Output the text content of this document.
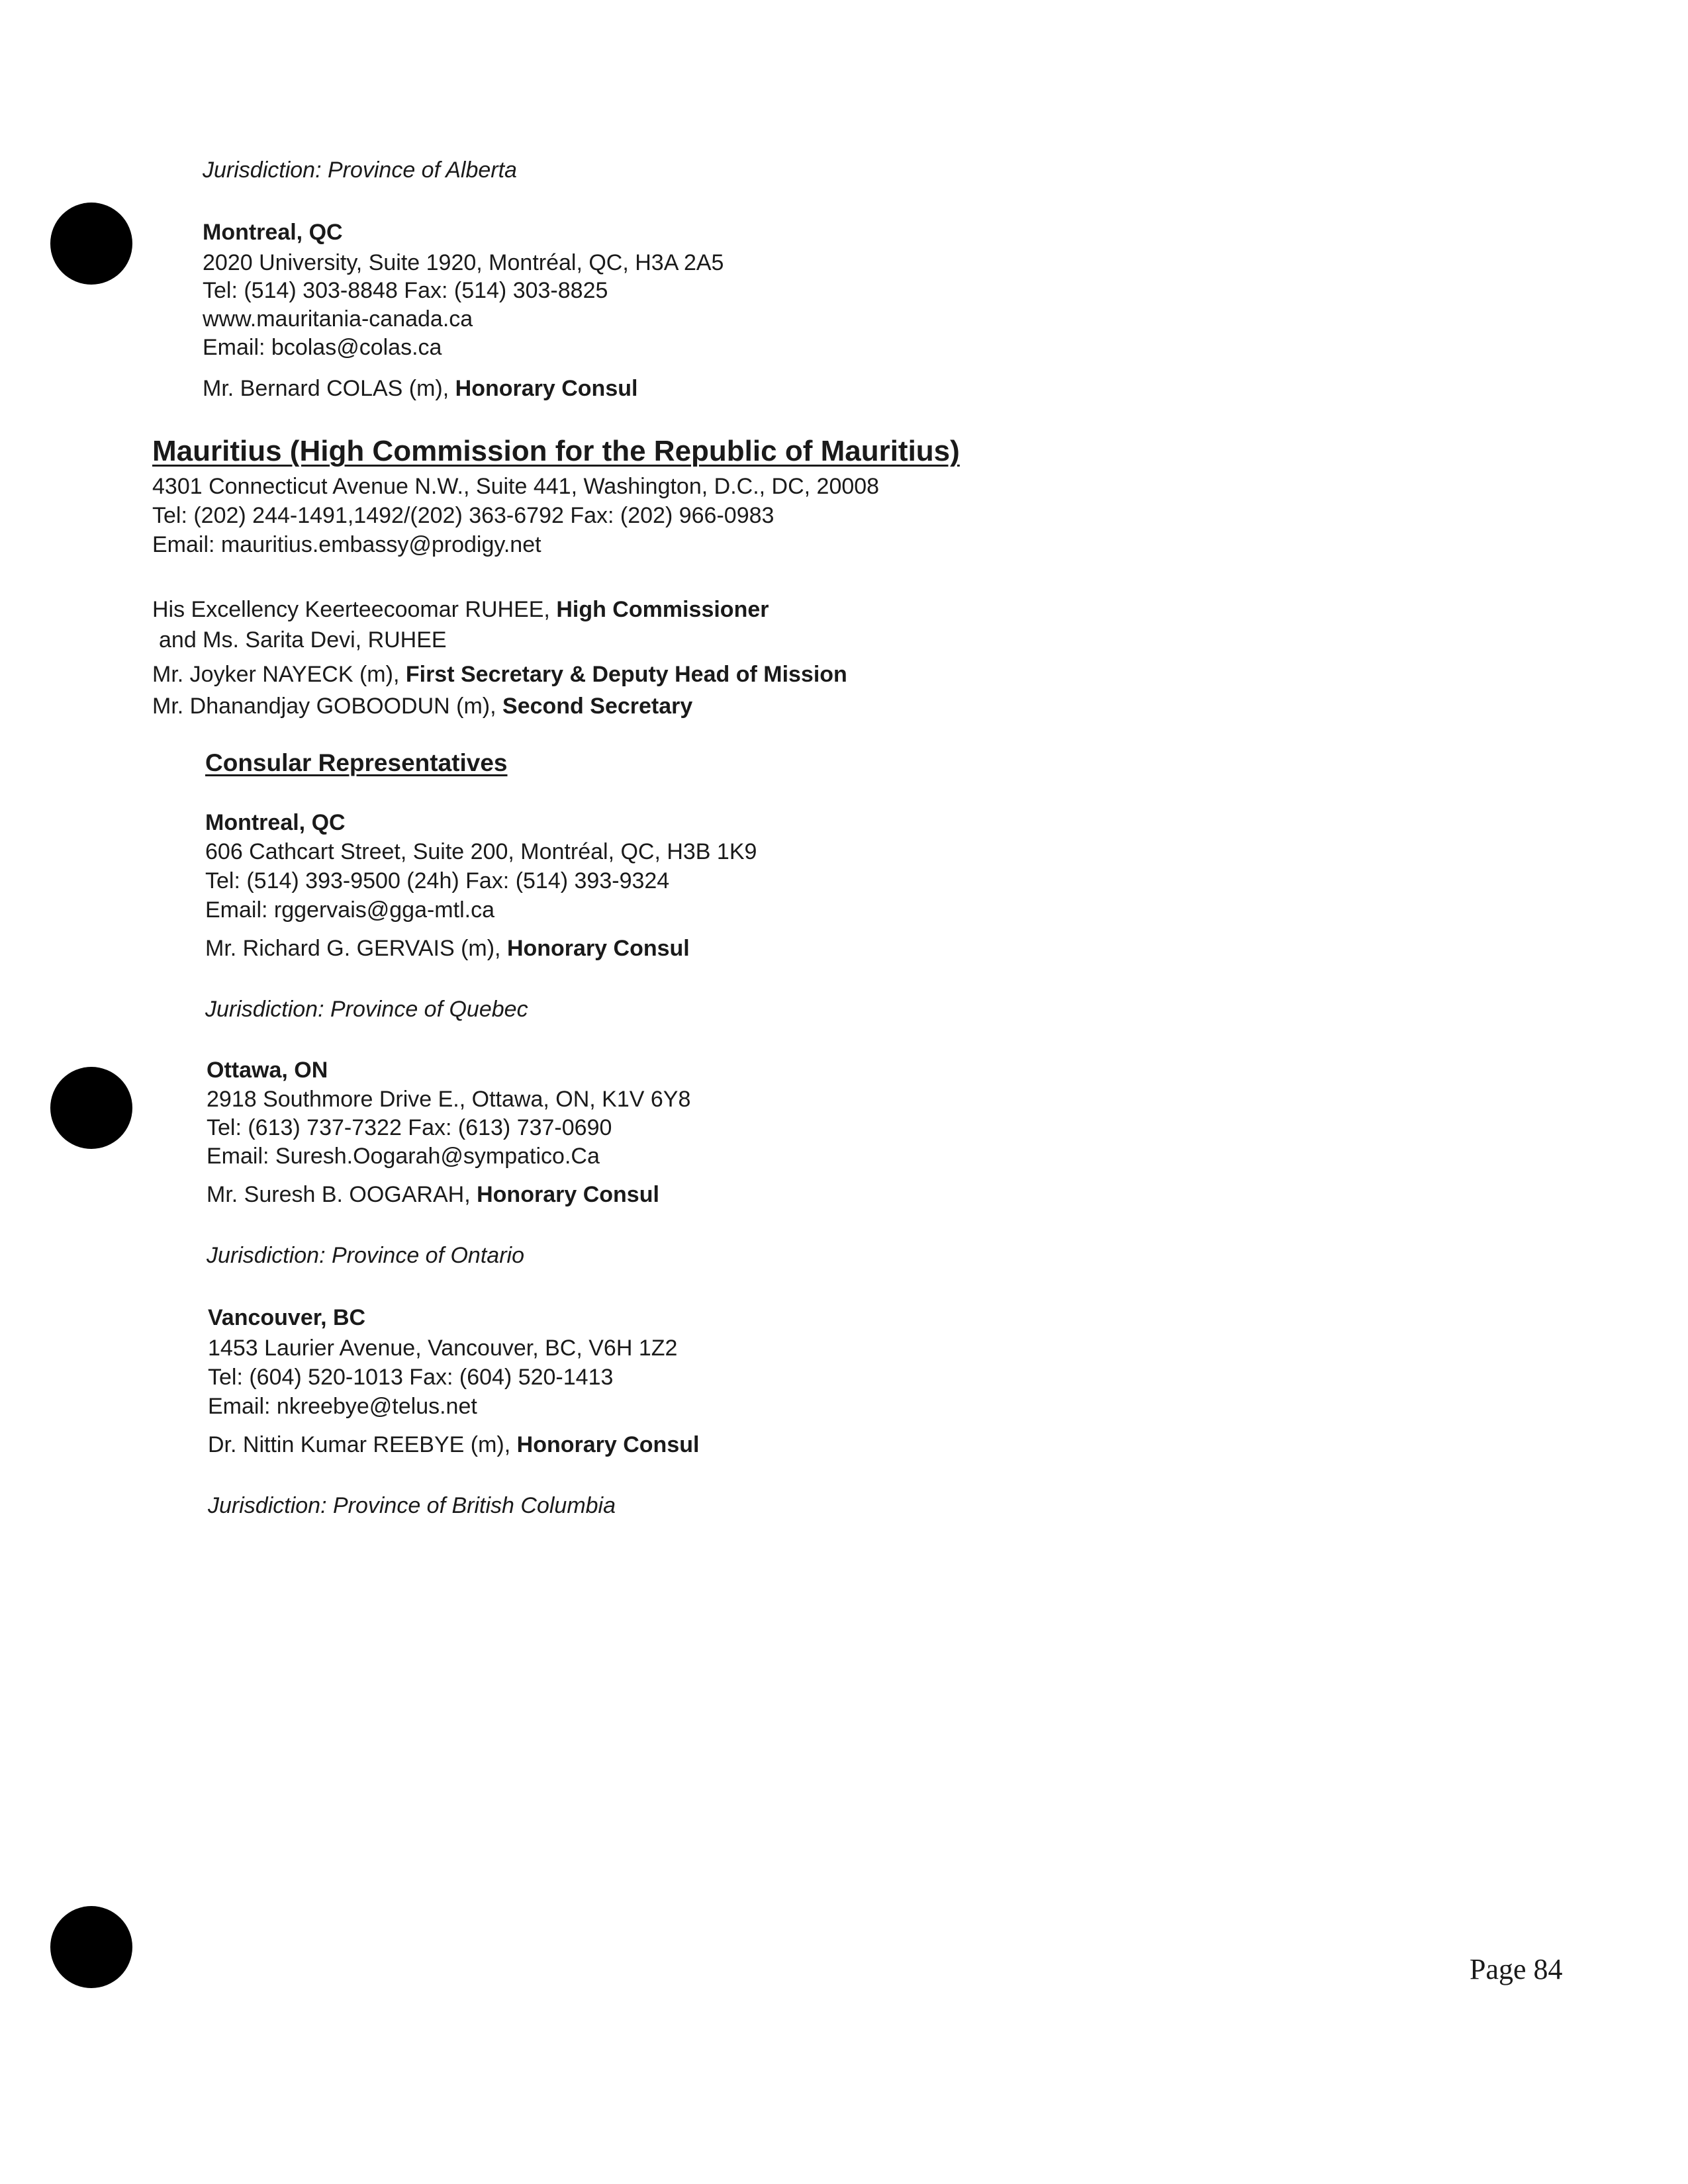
Jurisdiction: Province of Alberta
Montreal, QC
2020 University, Suite 1920, Montréal, QC, H3A 2A5
Tel: (514) 303-8848 Fax: (514) 303-8825
www.mauritania-canada.ca
Email: bcolas@colas.ca
Mr. Bernard COLAS (m), Honorary Consul
Mauritius (High Commission for the Republic of Mauritius)
4301 Connecticut Avenue N.W., Suite 441, Washington, D.C., DC, 20008
Tel: (202) 244-1491,1492/(202) 363-6792 Fax: (202) 966-0983
Email: mauritius.embassy@prodigy.net
His Excellency Keerteecoomar RUHEE, High Commissioner
and Ms. Sarita Devi, RUHEE
Mr. Joyker NAYECK (m), First Secretary & Deputy Head of Mission
Mr. Dhanandjay GOBOODUN (m), Second Secretary
Consular Representatives
Montreal, QC
606 Cathcart Street, Suite 200, Montréal, QC, H3B 1K9
Tel: (514) 393-9500 (24h) Fax: (514) 393-9324
Email: rggervais@gga-mtl.ca
Mr. Richard G. GERVAIS (m), Honorary Consul
Jurisdiction: Province of Quebec
Ottawa, ON
2918 Southmore Drive E., Ottawa, ON, K1V 6Y8
Tel: (613) 737-7322 Fax: (613) 737-0690
Email: Suresh.Oogarah@sympatico.Ca
Mr. Suresh B. OOGARAH, Honorary Consul
Jurisdiction: Province of Ontario
Vancouver, BC
1453 Laurier Avenue, Vancouver, BC, V6H 1Z2
Tel: (604) 520-1013 Fax: (604) 520-1413
Email: nkreebye@telus.net
Dr. Nittin Kumar REEBYE (m), Honorary Consul
Jurisdiction: Province of British Columbia
Page 84
